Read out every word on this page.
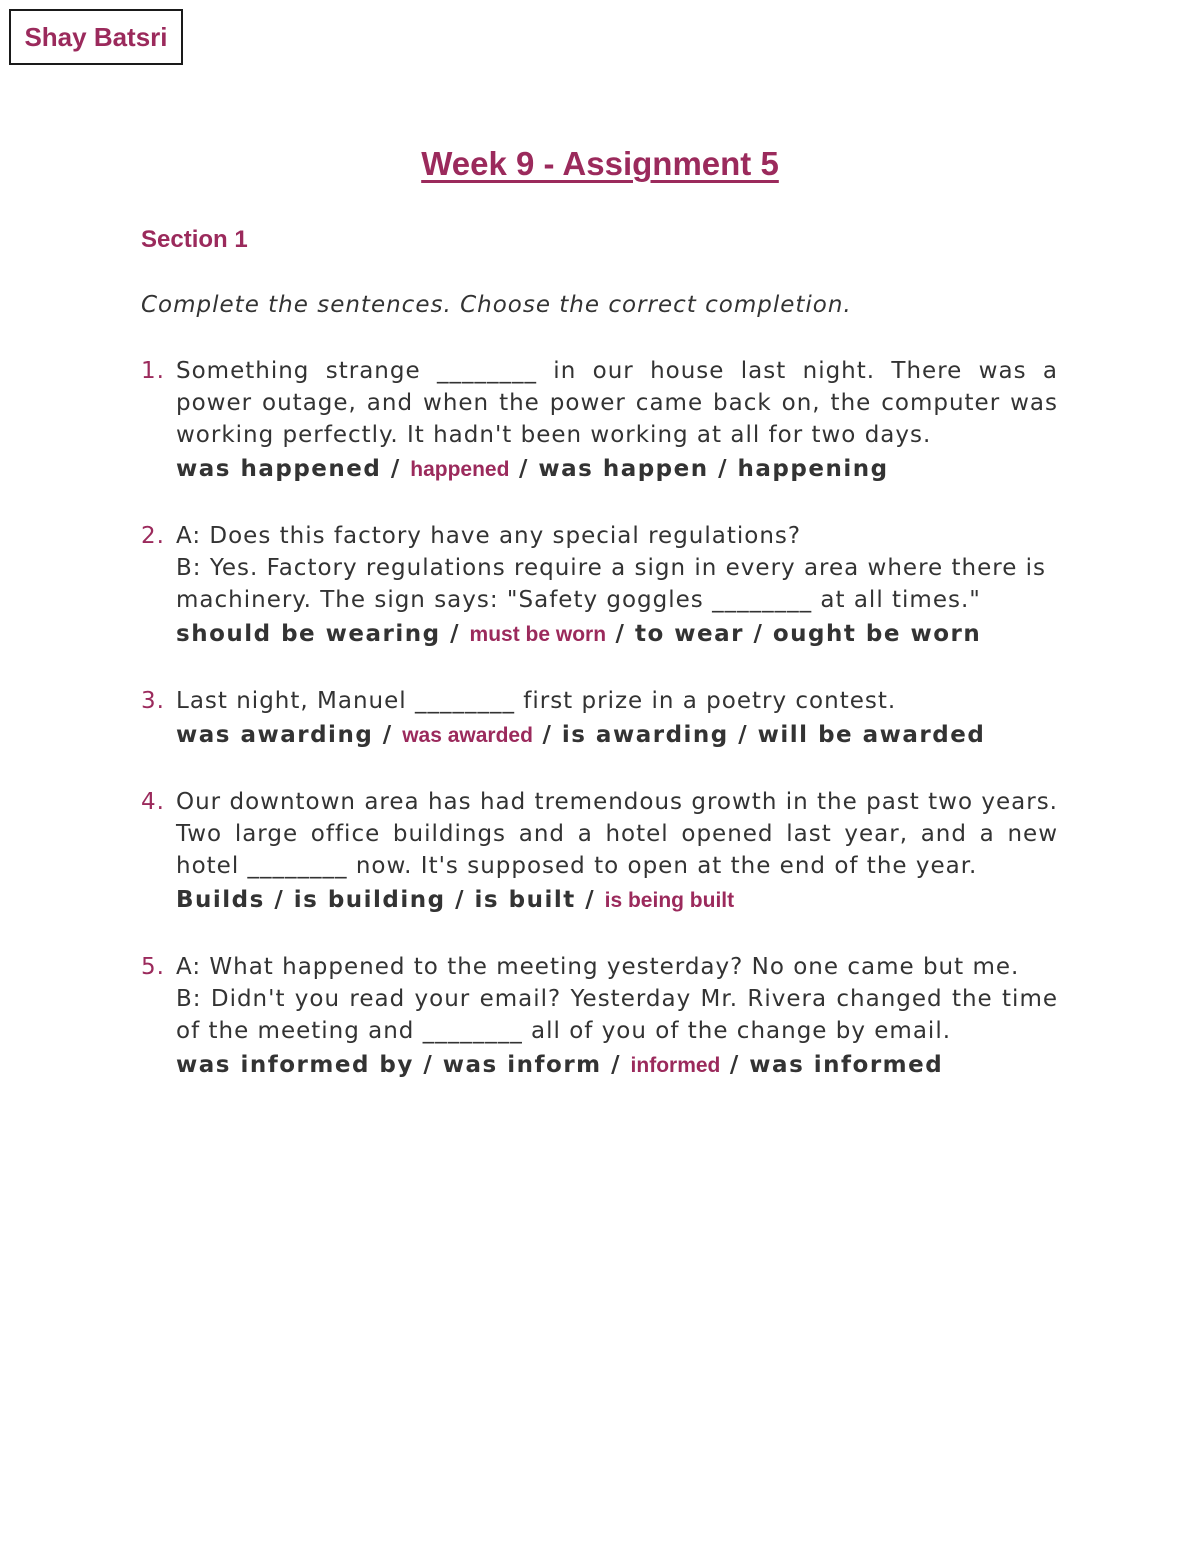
Shay Batsri
Week 9 - Assignment 5
Section 1
Complete the sentences. Choose the correct completion.
1. Something strange ________ in our house last night. There was a power outage, and when the power came back on, the computer was working perfectly. It hadn't been working at all for two days.
was happened / happened / was happen / happening
2. A: Does this factory have any special regulations?
B: Yes. Factory regulations require a sign in every area where there is machinery. The sign says: "Safety goggles ________ at all times."
should be wearing / must be worn / to wear / ought be worn
3. Last night, Manuel ________ first prize in a poetry contest.
was awarding / was awarded / is awarding / will be awarded
4. Our downtown area has had tremendous growth in the past two years. Two large office buildings and a hotel opened last year, and a new hotel ________ now. It's supposed to open at the end of the year.
Builds / is building / is built / is being built
5. A: What happened to the meeting yesterday? No one came but me.
B: Didn't you read your email? Yesterday Mr. Rivera changed the time of the meeting and ________ all of you of the change by email.
was informed by / was inform / informed / was informed
